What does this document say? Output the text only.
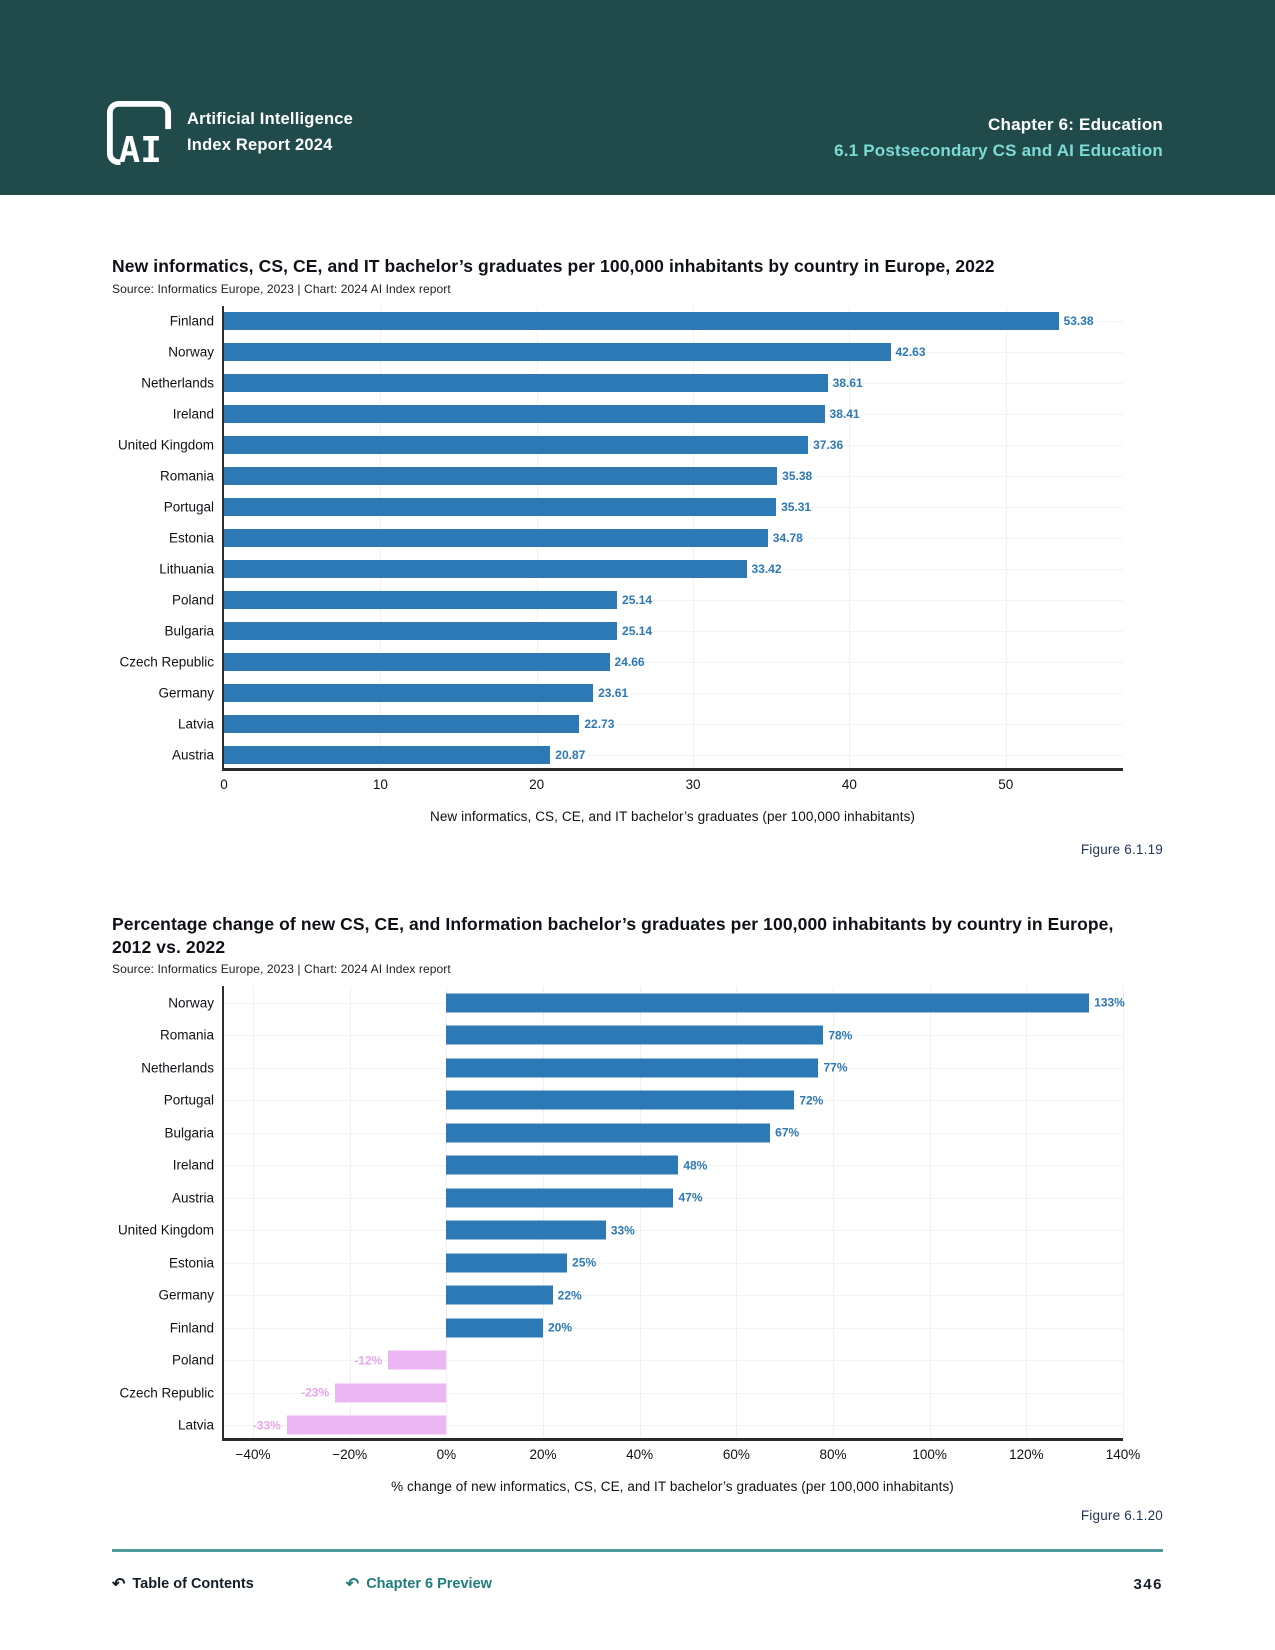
AI
Artificial Intelligence
Index Report 2024
Chapter 6: Education
6.1 Postsecondary CS and AI Education
New informatics, CS, CE, and IT bachelor’s graduates per 100,000 inhabitants by country in Europe, 2022
Source: Informatics Europe, 2023 | Chart: 2024 AI Index report
Finland	53.38
Norway	42.63
Netherlands	38.61
Ireland	38.41
United Kingdom	37.36
Romania	35.38
Portugal	35.31
Estonia	34.78
Lithuania	33.42
Poland	25.14
Bulgaria	25.14
Czech Republic	24.66
Germany	23.61
Latvia	22.73
Austria	20.87
0	10	20	30	40	50
New informatics, CS, CE, and IT bachelor’s graduates (per 100,000 inhabitants)
Figure 6.1.19
Percentage change of new CS, CE, and Information bachelor’s graduates per 100,000 inhabitants by country in Europe, 2012 vs. 2022
Source: Informatics Europe, 2023 | Chart: 2024 AI Index report
Norway	133%
Romania	78%
Netherlands	77%
Portugal	72%
Bulgaria	67%
Ireland	48%
Austria	47%
United Kingdom	33%
Estonia	25%
Germany	22%
Finland	20%
Poland	-12%
Czech Republic	-23%
Latvia	-33%
−40%	−20%	0%	20%	40%	60%	80%	100%	120%	140%
% change of new informatics, CS, CE, and IT bachelor’s graduates (per 100,000 inhabitants)
Figure 6.1.20
↶ Table of Contents	↶ Chapter 6 Preview	346
